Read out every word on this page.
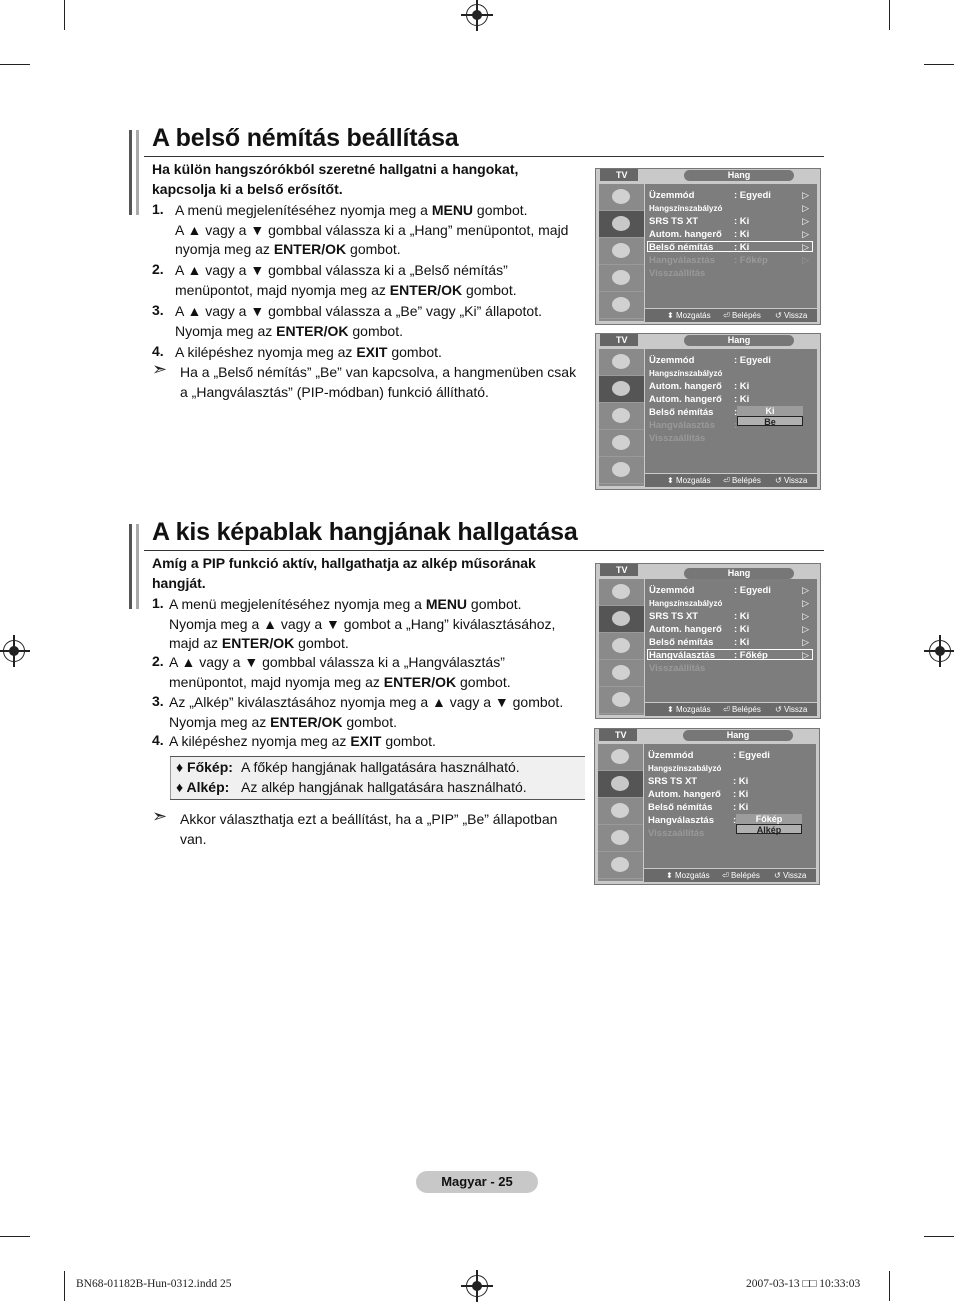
A belső némítás beállítása
Ha külön hangszórókból szeretné hallgatni a hangokat,
kapcsolja ki a belső erősítőt.
1. A menü megjelenítéséhez nyomja meg a MENU gombot.
A ▲ vagy a ▼ gombbal válassza ki a „Hang” menüpontot, majd
nyomja meg az ENTER/OK gombot.
2. A ▲ vagy a ▼ gombbal válassza ki a „Belső némítás”
menüpontot, majd nyomja meg az ENTER/OK gombot.
3. A ▲ vagy a ▼ gombbal válassza a „Be” vagy „Ki” állapotot.
Nyomja meg az ENTER/OK gombot.
4. A kilépéshez nyomja meg az EXIT gombot.
➣ Ha a „Belső némítás” „Be” van kapcsolva, a hangmenüben csak
a „Hangválasztás” (PIP-módban) funkció állítható.
TV	Hang
Üzemmód	: Egyedi	▷
Hangszínszabályzó	▷
SRS TS XT	: Ki	▷
Autom. hangerő : Ki	▷
Belső némítás : Ki	▷
Hangválasztás : Főkép	▷
Visszaállítás
⬍ Mozgatás ⏎ Belépés ↺ Vissza
TV	Hang
Üzemmód	: Egyedi
Hangszínszabályzó
Autom. hangerő : Ki
Autom. hangerő : Ki
Belső némítás :
Hangválasztás :
Visszaállítás
Ki
Be
⬍ Mozgatás ⏎ Belépés ↺ Vissza
A kis képablak hangjának hallgatása
Amíg a PIP funkció aktív, hallgathatja az alkép műsorának
hangját.
1. A menü megjelenítéséhez nyomja meg a MENU gombot.
Nyomja meg a ▲ vagy a ▼ gombot a „Hang” kiválasztásához,
majd az ENTER/OK gombot.
2. A ▲ vagy a ▼ gombbal válassza ki a „Hangválasztás”
menüpontot, majd nyomja meg az ENTER/OK gombot.
3. Az „Alkép” kiválasztásához nyomja meg a ▲ vagy a ▼ gombot.
Nyomja meg az ENTER/OK gombot.
4. A kilépéshez nyomja meg az EXIT gombot.
♦ Főkép: A főkép hangjának hallgatására használható.
♦ Alkép: Az alkép hangjának hallgatására használható.
➣ Akkor választhatja ezt a beállítást, ha a „PIP” „Be” állapotban
van.
TV	Hang
Üzemmód	: Egyedi	▷
Hangszínszabályzó	▷
SRS TS XT	: Ki	▷
Autom. hangerő : Ki	▷
Belső némítás : Ki	▷
Hangválasztás : Főkép	▷
Visszaállítás
⬍ Mozgatás ⏎ Belépés ↺ Vissza
TV	Hang
Üzemmód	: Egyedi
Hangszínszabályzó
SRS TS XT	: Ki
Autom. hangerő : Ki
Belső némítás : Ki
Hangválasztás :
Visszaállítás
Főkép
Alkép
⬍ Mozgatás ⏎ Belépés ↺ Vissza
Magyar - 25
BN68-01182B-Hun-0312.indd 25	2007-03-13 □□ 10:33:03
